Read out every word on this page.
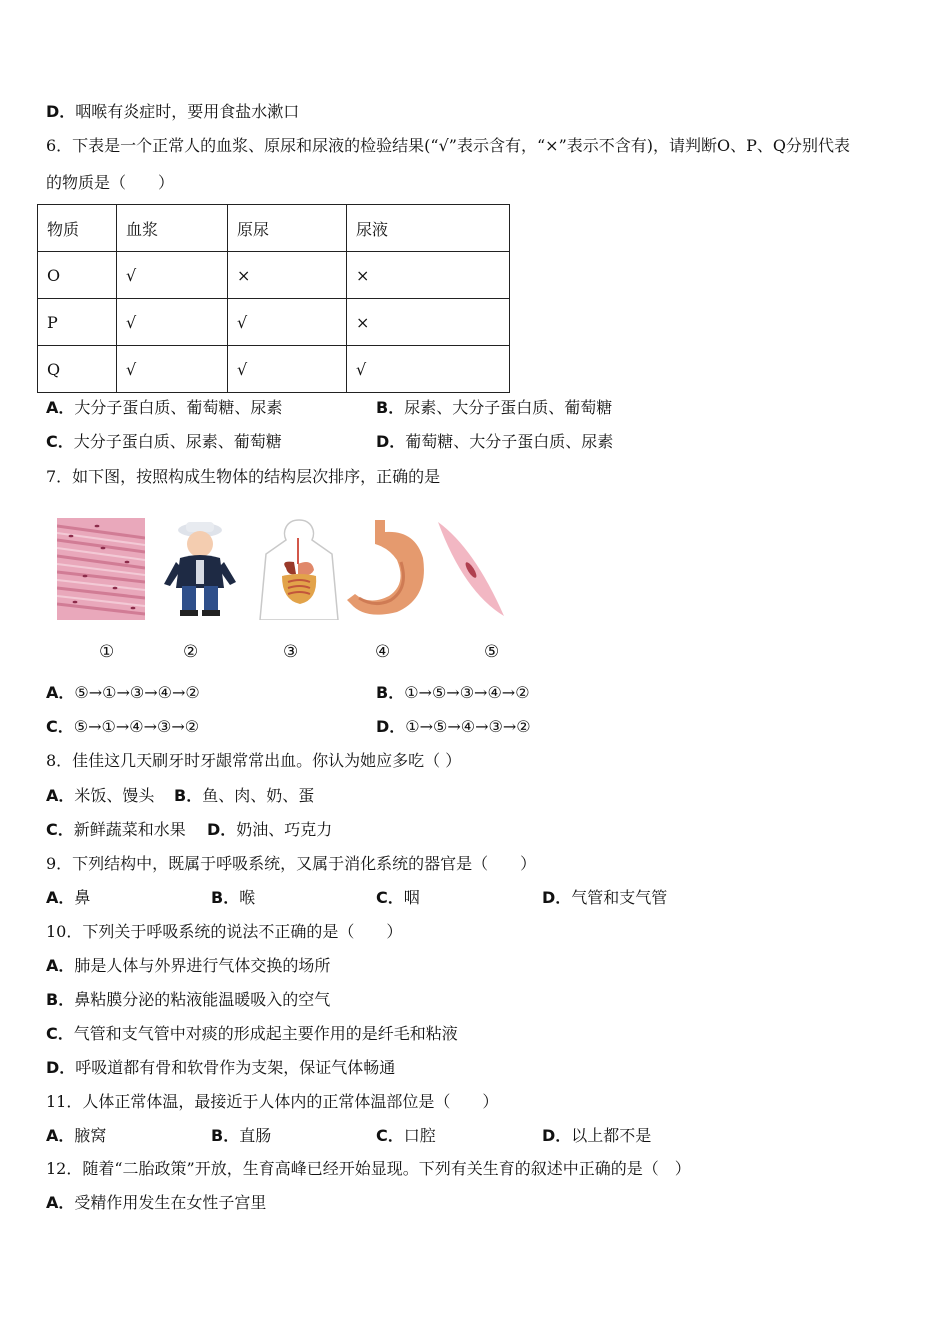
D．咽喉有炎症时，要用食盐水漱口
6．下表是一个正常人的血浆、原尿和尿液的检验结果(“√”表示含有，“×”表示不含有)，请判断O、P、Q分别代表
的物质是（　　）
物质	血浆	原尿	尿液
O	√	×	×
P	√	√	×
Q	√	√	√
A．大分子蛋白质、葡萄糖、尿素	B．尿素、大分子蛋白质、葡萄糖
C．大分子蛋白质、尿素、葡萄糖	D．葡萄糖、大分子蛋白质、尿素
7．如下图，按照构成生物体的结构层次排序，正确的是
①	②	③	④	⑤
A．⑤→①→③→④→②	B．①→⑤→③→④→②
C．⑤→①→④→③→②	D．①→⑤→④→③→②
8．佳佳这几天刷牙时牙龈常常出血。你认为她应多吃（ ）
A．米饭、馒头 B．鱼、肉、奶、蛋
C．新鲜蔬菜和水果 D．奶油、巧克力
9．下列结构中，既属于呼吸系统，又属于消化系统的器官是（　　）
A．鼻	B．喉	C．咽	D．气管和支气管
10．下列关于呼吸系统的说法不正确的是（　　）
A．肺是人体与外界进行气体交换的场所
B．鼻粘膜分泌的粘液能温暖吸入的空气
C．气管和支气管中对痰的形成起主要作用的是纤毛和粘液
D．呼吸道都有骨和软骨作为支架，保证气体畅通
11．人体正常体温，最接近于人体内的正常体温部位是（　　）
A．腋窝	B．直肠	C．口腔	D．以上都不是
12．随着“二胎政策”开放，生育高峰已经开始显现。下列有关生育的叙述中正确的是（　）
A．受精作用发生在女性子宫里
